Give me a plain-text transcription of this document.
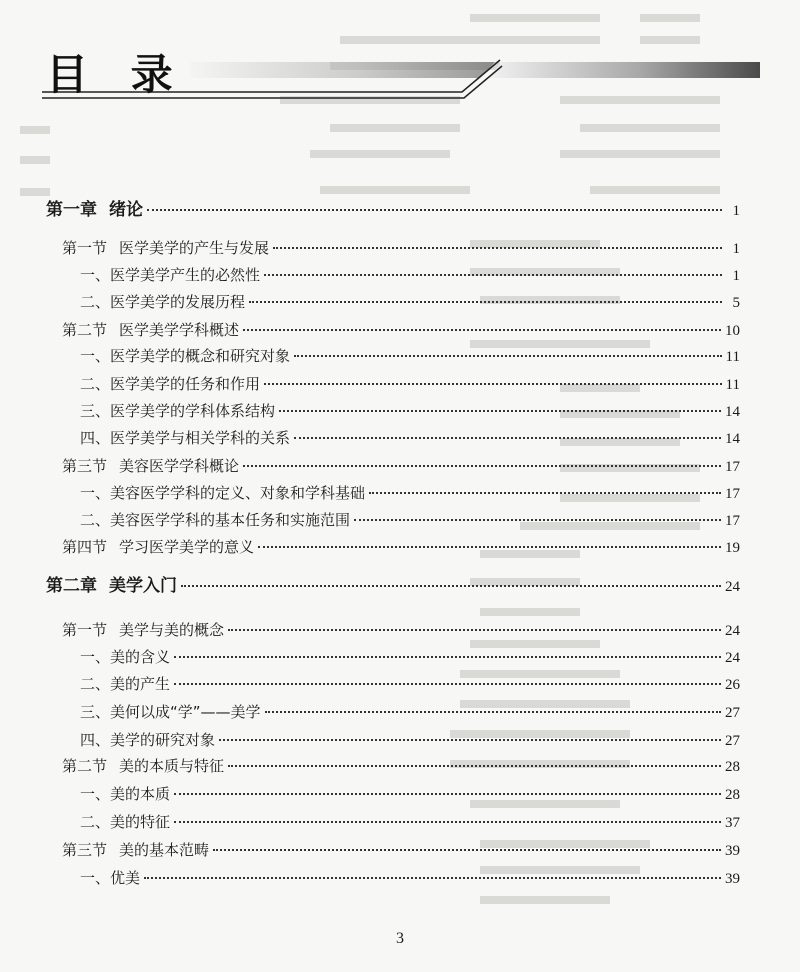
目 录
第一章 绪论	1
第一节 医学美学的产生与发展	1
一、医学美学产生的必然性	1
二、医学美学的发展历程	5
第二节 医学美学学科概述	10
一、医学美学的概念和研究对象	11
二、医学美学的任务和作用	11
三、医学美学的学科体系结构	14
四、医学美学与相关学科的关系	14
第三节 美容医学学科概论	17
一、美容医学学科的定义、对象和学科基础	17
二、美容医学学科的基本任务和实施范围	17
第四节 学习医学美学的意义	19
第二章 美学入门	24
第一节 美学与美的概念	24
一、美的含义	24
二、美的产生	26
三、美何以成“学”——美学	27
四、美学的研究对象	27
第二节 美的本质与特征	28
一、美的本质	28
二、美的特征	37
第三节 美的基本范畴	39
一、优美	39
3
